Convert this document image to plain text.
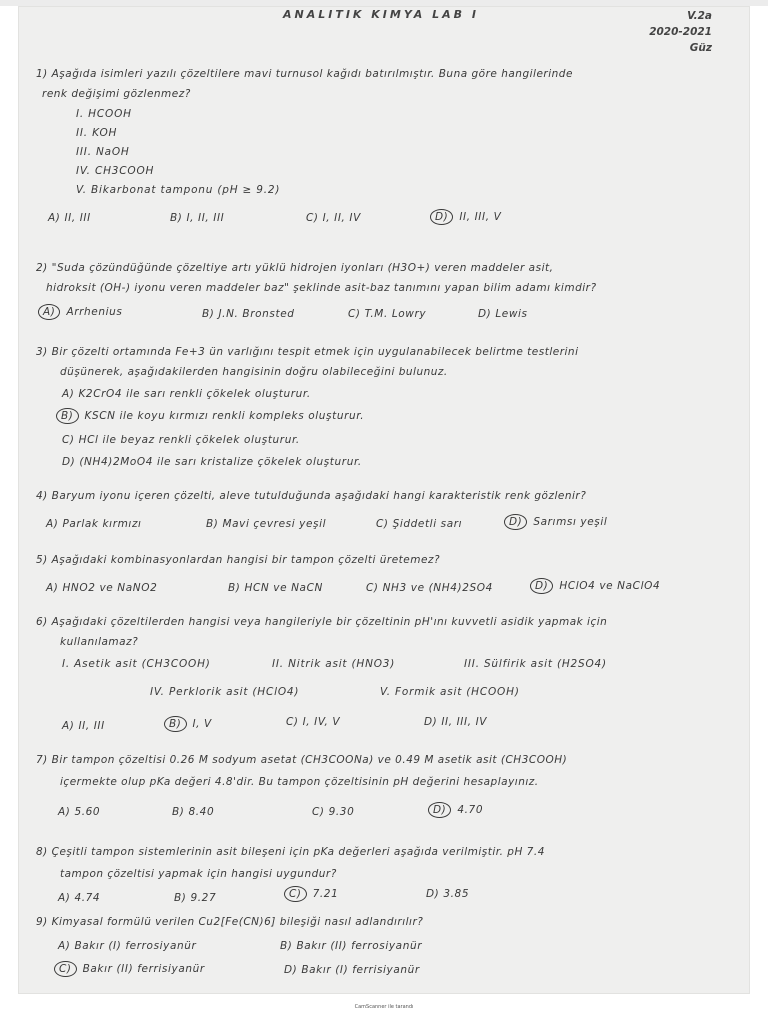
ANALITIK KIMYA LAB I	V.2a
2020-2021
Güz
1) Aşağıda isimleri yazılı çözeltilere mavi turnusol kağıdı batırılmıştır. Buna göre hangilerinde
renk değişimi gözlenmez?
I. HCOOH
II. KOH
III. NaOH
IV. CH3COOH
V. Bikarbonat tamponu (pH ≥ 9.2)
A) II, III	B) I, II, III	C) I, II, IV	D) II, III, V
2) "Suda çözündüğünde çözeltiye artı yüklü hidrojen iyonları (H3O+) veren maddeler asit,
hidroksit (OH-) iyonu veren maddeler baz" şeklinde asit-baz tanımını yapan bilim adamı kimdir?
A) Arrhenius	B) J.N. Bronsted	C) T.M. Lowry	D) Lewis
3) Bir çözelti ortamında Fe+3 ün varlığını tespit etmek için uygulanabilecek belirtme testlerini
düşünerek, aşağıdakilerden hangisinin doğru olabileceğini bulunuz.
A) K2CrO4 ile sarı renkli çökelek oluşturur.
B) KSCN ile koyu kırmızı renkli kompleks oluşturur.
C) HCl ile beyaz renkli çökelek oluşturur.
D) (NH4)2MoO4 ile sarı kristalize çökelek oluşturur.
4) Baryum iyonu içeren çözelti, aleve tutulduğunda aşağıdaki hangi karakteristik renk gözlenir?
A) Parlak kırmızı	B) Mavi çevresi yeşil	C) Şiddetli sarı	D) Sarımsı yeşil
5) Aşağıdaki kombinasyonlardan hangisi bir tampon çözelti üretemez?
A) HNO2 ve NaNO2	B) HCN ve NaCN	C) NH3 ve (NH4)2SO4	D) HClO4 ve NaClO4
6) Aşağıdaki çözeltilerden hangisi veya hangileriyle bir çözeltinin pH'ını kuvvetli asidik yapmak için
kullanılamaz?
I. Asetik asit (CH3COOH)	II. Nitrik asit (HNO3)	III. Sülfirik asit (H2SO4)
IV. Perklorik asit (HClO4)	V. Formik asit (HCOOH)
A) II, III	B) I, V	C) I, IV, V	D) II, III, IV
7) Bir tampon çözeltisi 0.26 M sodyum asetat (CH3COONa) ve 0.49 M asetik asit (CH3COOH)
içermekte olup pKa değeri 4.8'dir. Bu tampon çözeltisinin pH değerini hesaplayınız.
A) 5.60	B) 8.40	C) 9.30	D) 4.70
8) Çeşitli tampon sistemlerinin asit bileşeni için pKa değerleri aşağıda verilmiştir. pH 7.4
tampon çözeltisi yapmak için hangisi uygundur?
A) 4.74	B) 9.27	C) 7.21	D) 3.85
9) Kimyasal formülü verilen Cu2[Fe(CN)6] bileşiği nasıl adlandırılır?
A) Bakır (I) ferrosiyanür	B) Bakır (II) ferrosiyanür
C) Bakır (II) ferrisiyanür	D) Bakır (I) ferrisiyanür
CamScanner ile tarandı
